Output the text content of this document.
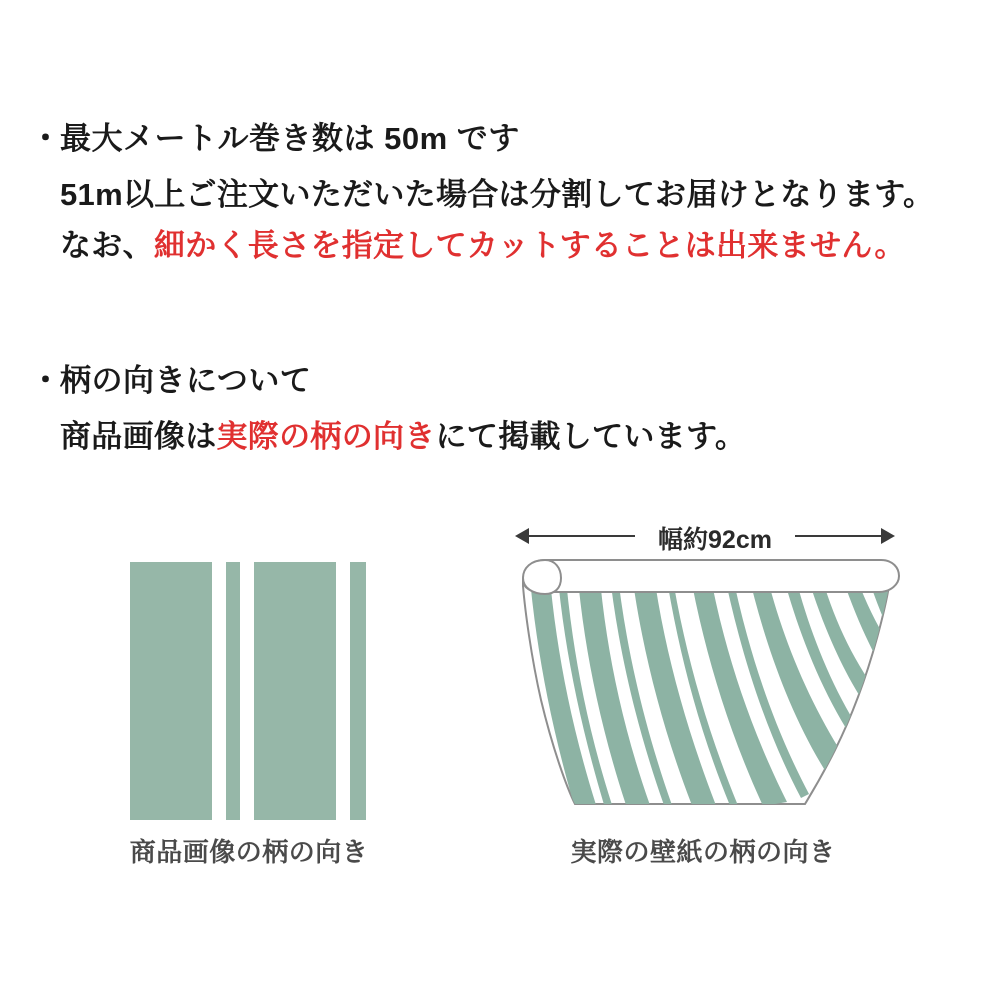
・
最大メートル巻き数は 50m です
51m以上ご注文いただいた場合は分割してお届けとなります。
なお、細かく長さを指定してカットすることは出来ません。
・
柄の向きについて
商品画像は実際の柄の向きにて掲載しています。
商品画像の柄の向き
幅約92cm
実際の壁紙の柄の向き
